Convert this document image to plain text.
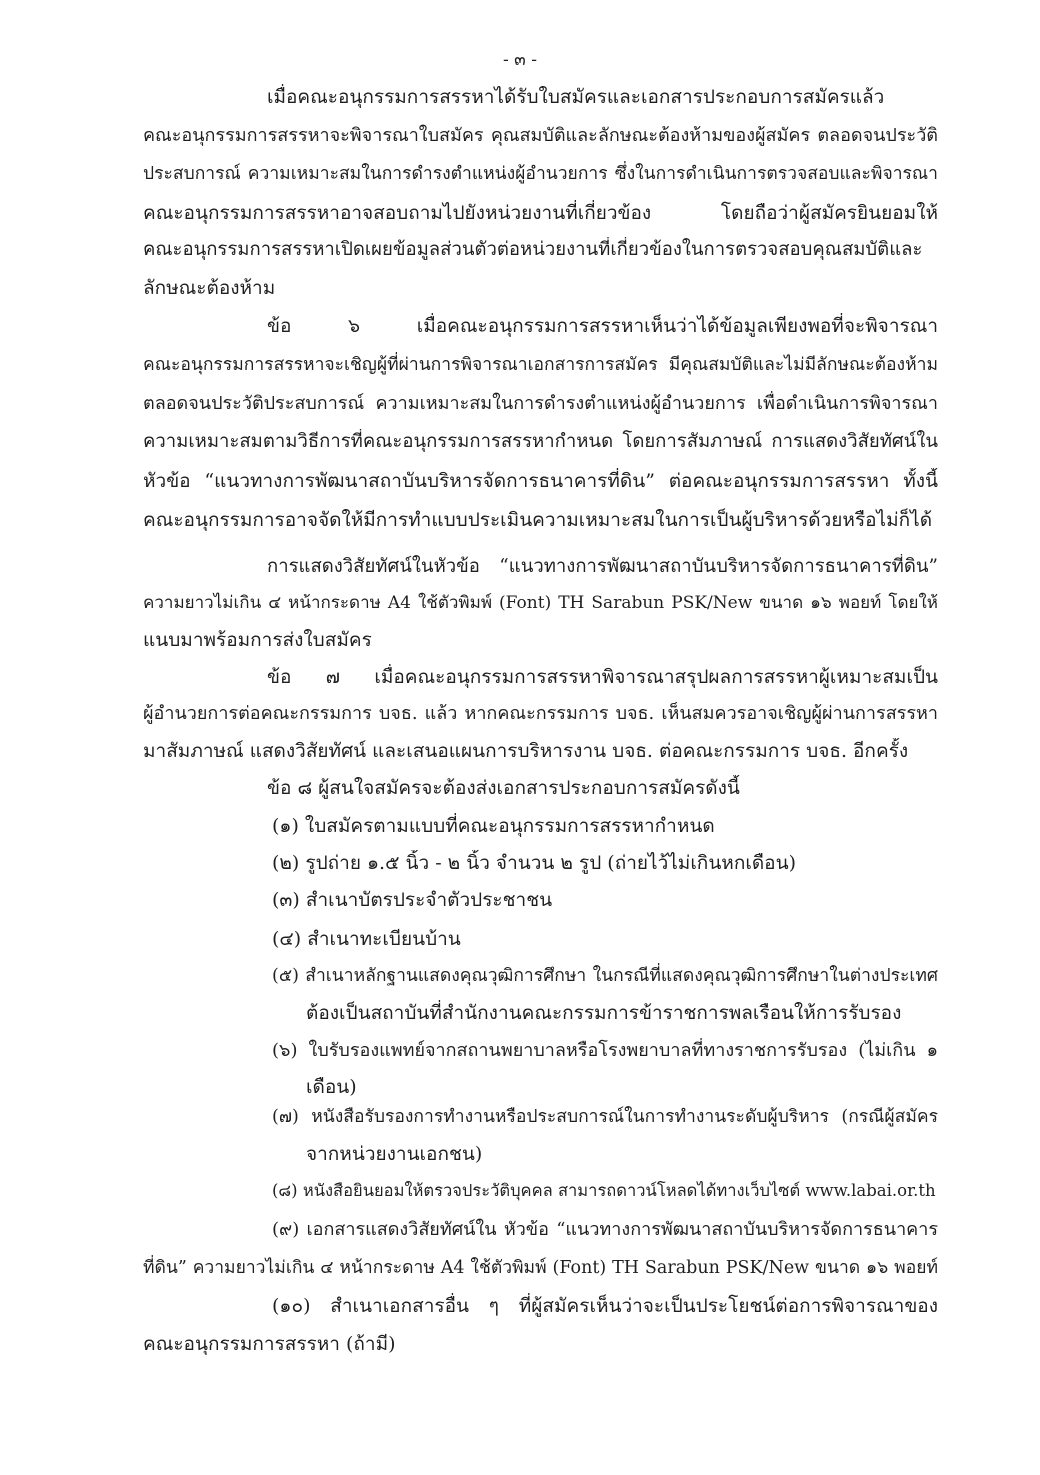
- ๓ -
เมื่อคณะอนุกรรมการสรรหาได้รับใบสมัครและเอกสารประกอบการสมัครแล้ว
คณะอนุกรรมการสรรหาจะพิจารณาใบสมัคร คุณสมบัติและลักษณะต้องห้ามของผู้สมัคร ตลอดจนประวัติ
ประสบการณ์ ความเหมาะสมในการดำรงตำแหน่งผู้อำนวยการ ซึ่งในการดำเนินการตรวจสอบและพิจารณา
คณะอนุกรรมการสรรหาอาจสอบถามไปยังหน่วยงานที่เกี่ยวข้อง โดยถือว่าผู้สมัครยินยอมให้
คณะอนุกรรมการสรรหาเปิดเผยข้อมูลส่วนตัวต่อหน่วยงานที่เกี่ยวข้องในการตรวจสอบคุณสมบัติและ
ลักษณะต้องห้าม
ข้อ ๖ เมื่อคณะอนุกรรมการสรรหาเห็นว่าได้ข้อมูลเพียงพอที่จะพิจารณา
คณะอนุกรรมการสรรหาจะเชิญผู้ที่ผ่านการพิจารณาเอกสารการสมัคร มีคุณสมบัติและไม่มีลักษณะต้องห้าม
ตลอดจนประวัติประสบการณ์ ความเหมาะสมในการดำรงตำแหน่งผู้อำนวยการ เพื่อดำเนินการพิจารณา
ความเหมาะสมตามวิธีการที่คณะอนุกรรมการสรรหากำหนด โดยการสัมภาษณ์ การแสดงวิสัยทัศน์ใน
หัวข้อ “แนวทางการพัฒนาสถาบันบริหารจัดการธนาคารที่ดิน” ต่อคณะอนุกรรมการสรรหา ทั้งนี้
คณะอนุกรรมการอาจจัดให้มีการทำแบบประเมินความเหมาะสมในการเป็นผู้บริหารด้วยหรือไม่ก็ได้
การแสดงวิสัยทัศน์ในหัวข้อ “แนวทางการพัฒนาสถาบันบริหารจัดการธนาคารที่ดิน”
ความยาวไม่เกิน ๔ หน้ากระดาษ A4 ใช้ตัวพิมพ์ (Font) TH Sarabun PSK/New ขนาด ๑๖ พอยท์ โดยให้
แนบมาพร้อมการส่งใบสมัคร
ข้อ ๗ เมื่อคณะอนุกรรมการสรรหาพิจารณาสรุปผลการสรรหาผู้เหมาะสมเป็น
ผู้อำนวยการต่อคณะกรรมการ บจธ. แล้ว หากคณะกรรมการ บจธ. เห็นสมควรอาจเชิญผู้ผ่านการสรรหา
มาสัมภาษณ์ แสดงวิสัยทัศน์ และเสนอแผนการบริหารงาน บจธ. ต่อคณะกรรมการ บจธ. อีกครั้ง
ข้อ ๘ ผู้สนใจสมัครจะต้องส่งเอกสารประกอบการสมัครดังนี้
(๑) ใบสมัครตามแบบที่คณะอนุกรรมการสรรหากำหนด
(๒) รูปถ่าย ๑.๕ นิ้ว - ๒ นิ้ว จำนวน ๒ รูป (ถ่ายไว้ไม่เกินหกเดือน)
(๓) สำเนาบัตรประจำตัวประชาชน
(๔) สำเนาทะเบียนบ้าน
(๕) สำเนาหลักฐานแสดงคุณวุฒิการศึกษา ในกรณีที่แสดงคุณวุฒิการศึกษาในต่างประเทศ
ต้องเป็นสถาบันที่สำนักงานคณะกรรมการข้าราชการพลเรือนให้การรับรอง
(๖) ใบรับรองแพทย์จากสถานพยาบาลหรือโรงพยาบาลที่ทางราชการรับรอง (ไม่เกิน ๑
เดือน)
(๗) หนังสือรับรองการทำงานหรือประสบการณ์ในการทำงานระดับผู้บริหาร (กรณีผู้สมัคร
จากหน่วยงานเอกชน)
(๘) หนังสือยินยอมให้ตรวจประวัติบุคคล สามารถดาวน์โหลดได้ทางเว็บไซต์ www.labai.or.th
(๙) เอกสารแสดงวิสัยทัศน์ใน หัวข้อ “แนวทางการพัฒนาสถาบันบริหารจัดการธนาคาร
ที่ดิน” ความยาวไม่เกิน ๔ หน้ากระดาษ A4 ใช้ตัวพิมพ์ (Font) TH Sarabun PSK/New ขนาด ๑๖ พอยท์
(๑๐) สำเนาเอกสารอื่น ๆ ที่ผู้สมัครเห็นว่าจะเป็นประโยชน์ต่อการพิจารณาของ
คณะอนุกรรมการสรรหา (ถ้ามี)
